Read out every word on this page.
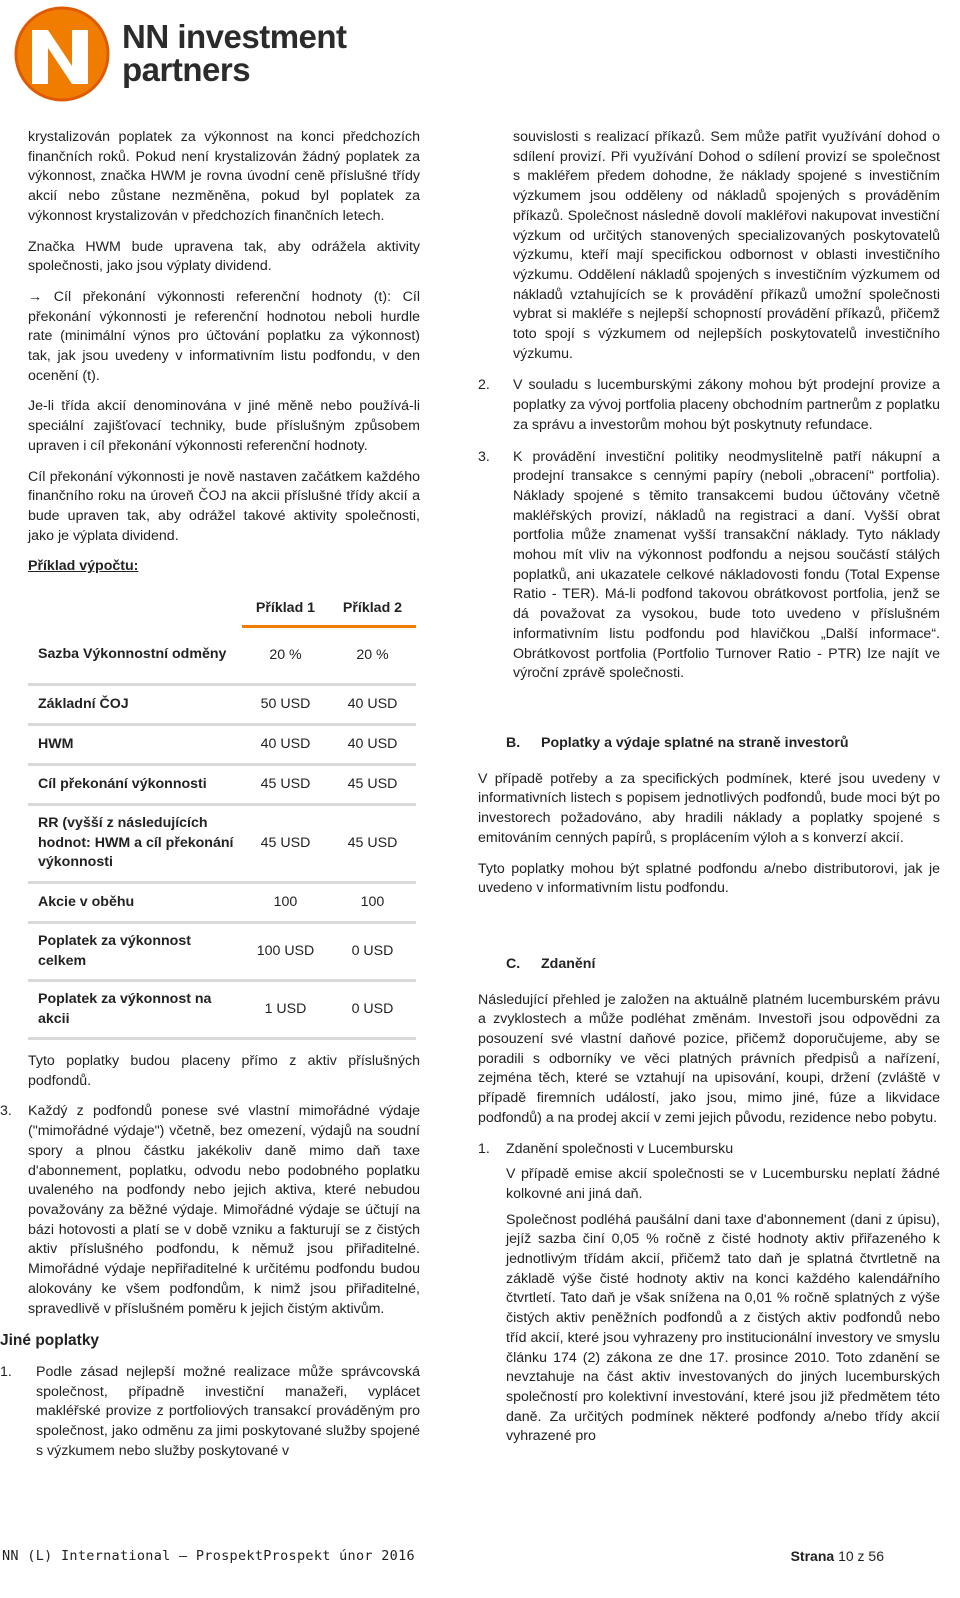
NN investment
partners

krystalizován poplatek za výkonnost na konci předchozích finančních roků. Pokud není krystalizován žádný poplatek za výkonnost, značka HWM je rovna úvodní ceně příslušné třídy akcií nebo zůstane nezměněna, pokud byl poplatek za výkonnost krystalizován v předchozích finančních letech.

Značka HWM bude upravena tak, aby odrážela aktivity společnosti, jako jsou výplaty dividend.

→ Cíl překonání výkonnosti referenční hodnoty (t): Cíl překonání výkonnosti je referenční hodnotou neboli hurdle rate (minimální výnos pro účtování poplatku za výkonnost) tak, jak jsou uvedeny v informativním listu podfondu, v den ocenění (t).

Je-li třída akcií denominována v jiné měně nebo používá-li speciální zajišťovací techniky, bude příslušným způsobem upraven i cíl překonání výkonnosti referenční hodnoty.

Cíl překonání výkonnosti je nově nastaven začátkem každého finančního roku na úroveň ČOJ na akcii příslušné třídy akcií a bude upraven tak, aby odrážel takové aktivity společnosti, jako je výplata dividend.

Příklad výpočtu:

	Příklad 1	Příklad 2
Sazba Výkonnostní odměny	20 %	20 %
Základní ČOJ	50 USD	40 USD
HWM	40 USD	40 USD
Cíl překonání výkonnosti	45 USD	45 USD
RR (vyšší z následujících hodnot: HWM a cíl překonání výkonnosti	45 USD	45 USD
Akcie v oběhu	100	100
Poplatek za výkonnost celkem	100 USD	0 USD
Poplatek za výkonnost na akcii	1 USD	0 USD

Tyto poplatky budou placeny přímo z aktiv příslušných podfondů.

3. Každý z podfondů ponese své vlastní mimořádné výdaje ("mimořádné výdaje") včetně, bez omezení, výdajů na soudní spory a plnou částku jakékoliv daně mimo daň taxe d'abonnement, poplatku, odvodu nebo podobného poplatku uvaleného na podfondy nebo jejich aktiva, které nebudou považovány za běžné výdaje. Mimořádné výdaje se účtují na bázi hotovosti a platí se v době vzniku a fakturují se z čistých aktiv příslušného podfondu, k němuž jsou přiřaditelné. Mimořádné výdaje nepřiřaditelné k určitému podfondu budou alokovány ke všem podfondům, k nimž jsou přiřaditelné, spravedlivě v příslušném poměru k jejich čistým aktivům.

Jiné poplatky

1. Podle zásad nejlepší možné realizace může správcovská společnost, případně investiční manažeři, vyplácet makléřské provize z portfoliových transakcí prováděným pro společnost, jako odměnu za jimi poskytované služby spojené s výzkumem nebo služby poskytované v

souvislosti s realizací příkazů. Sem může patřit využívání dohod o sdílení provizí. Při využívání Dohod o sdílení provizí se společnost s makléřem předem dohodne, že náklady spojené s investičním výzkumem jsou odděleny od nákladů spojených s prováděním příkazů. Společnost následně dovolí makléřovi nakupovat investiční výzkum od určitých stanovených specializovaných poskytovatelů výzkumu, kteří mají specifickou odbornost v oblasti investičního výzkumu. Oddělení nákladů spojených s investičním výzkumem od nákladů vztahujících se k provádění příkazů umožní společnosti vybrat si makléře s nejlepší schopností provádění příkazů, přičemž toto spojí s výzkumem od nejlepších poskytovatelů investičního výzkumu.

2. V souladu s lucemburskými zákony mohou být prodejní provize a poplatky za vývoj portfolia placeny obchodním partnerům z poplatku za správu a investorům mohou být poskytnuty refundace.

3. K provádění investiční politiky neodmyslitelně patří nákupní a prodejní transakce s cennými papíry (neboli „obracení“ portfolia). Náklady spojené s těmito transakcemi budou účtovány včetně makléřských provizí, nákladů na registraci a daní. Vyšší obrat portfolia může znamenat vyšší transakční náklady. Tyto náklady mohou mít vliv na výkonnost podfondu a nejsou součástí stálých poplatků, ani ukazatele celkové nákladovosti fondu (Total Expense Ratio - TER). Má-li podfond takovou obrátkovost portfolia, jenž se dá považovat za vysokou, bude toto uvedeno v příslušném informativním listu podfondu pod hlavičkou „Další informace“. Obrátkovost portfolia (Portfolio Turnover Ratio - PTR) lze najít ve výroční zprávě společnosti.

B. Poplatky a výdaje splatné na straně investorů

V případě potřeby a za specifických podmínek, které jsou uvedeny v informativních listech s popisem jednotlivých podfondů, bude moci být po investorech požadováno, aby hradili náklady a poplatky spojené s emitováním cenných papírů, s proplácením výloh a s konverzí akcií.

Tyto poplatky mohou být splatné podfondu a/nebo distributorovi, jak je uvedeno v informativním listu podfondu.

C. Zdanění

Následující přehled je založen na aktuálně platném lucemburském právu a zvyklostech a může podléhat změnám. Investoři jsou odpovědni za posouzení své vlastní daňové pozice, přičemž doporučujeme, aby se poradili s odborníky ve věci platných právních předpisů a nařízení, zejména těch, které se vztahují na upisování, koupi, držení (zvláště v případě firemních událostí, jako jsou, mimo jiné, fúze a likvidace podfondů) a na prodej akcií v zemi jejich původu, rezidence nebo pobytu.

1. Zdanění společnosti v Lucembursku

V případě emise akcií společnosti se v Lucembursku neplatí žádné kolkovné ani jiná daň.

Společnost podléhá paušální dani taxe d'abonnement (dani z úpisu), jejíž sazba činí 0,05 % ročně z čisté hodnoty aktiv přiřazeného k jednotlivým třídám akcií, přičemž tato daň je splatná čtvrtletně na základě výše čisté hodnoty aktiv na konci každého kalendářního čtvrtletí. Tato daň je však snížena na 0,01 % ročně splatných z výše čistých aktiv peněžních podfondů a z čistých aktiv podfondů nebo tříd akcií, které jsou vyhrazeny pro institucionální investory ve smyslu článku 174 (2) zákona ze dne 17. prosince 2010. Toto zdanění se nevztahuje na část aktiv investovaných do jiných lucemburských společností pro kolektivní investování, které jsou již předmětem této daně. Za určitých podmínek některé podfondy a/nebo třídy akcií vyhrazené pro

NN (L) International – ProspektProspekt únor 2016	Strana 10 z 56
